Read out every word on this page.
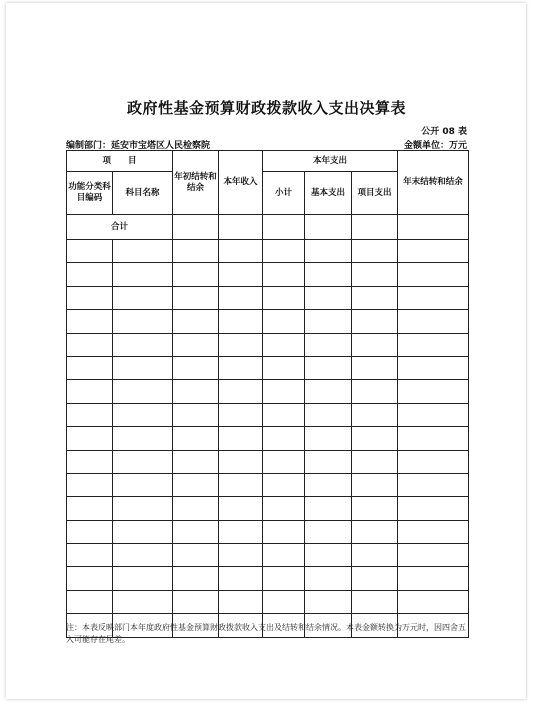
政府性基金预算财政拨款收入支出决算表
公开 08 表
编制部门：延安市宝塔区人民检察院	金额单位：万元
项　　目		年初结转和结余	本年收入	本年支出			年末结转和结余
功能分类科目编码	科目名称			小计	基本支出	项目支出	
合计							

注：本表反映部门本年度政府性基金预算财政拨款收入支出及结转和结余情况。本表金额转换为万元时，因四舍五入可能存在尾差。
